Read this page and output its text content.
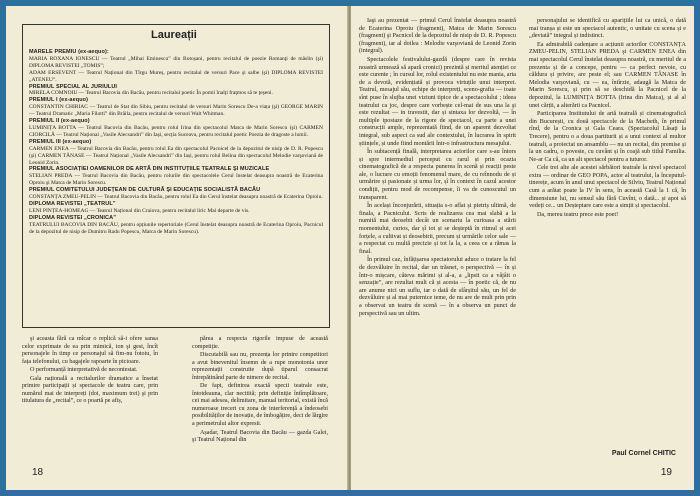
Laureații

MARELE PREMIU (ex-aequo):

MARIA ROXANA IONESCU — Teatrul „Mihai Eminescu” din Botoșani, pentru recitalul de poezie Romanţi de măslin (şi) DIPLOMA REVISTEI „TOMIS”;

ADAM ERSEVENT — Teatrul Național din Tîrgu Mureș, pentru recitalul de versuri Pace şi salbe (şi) DIPLOMA REVISTEI „ATENEU”.

PREMIUL SPECIAL AL JURIULUI

MIRELA COMNOIU — Teatrul Bacovia din Bacău, pentru recitalul poetic În pomii înalţi fraţmos să te ţeşeni.

PREMIUL I (ex-aequo)

CONSTANTIN CHIRIAC — Teatrul de Stat din Sibiu, pentru recitalul de versuri Marin Sorescu De-a viața (şi) GEORGE MARIN — Teatrul Dramatic „Maria Filotti” din Brăila, pentru recitalul de versuri Walt Whitman.

PREMIUL II (ex-aequo)

LUMINIȚA BOTTA — Teatrul Bacovia din Bacău, pentru rolul Irina din spectacolul Matca de Marin Sorescu (şi) CARMEN CIORCILĂ — Teatrul Național „Vasile Alecsandri” din Iași, secția Suceava, pentru recitalul poetic Poezia de dragoste a lumii.

PREMIUL III (ex-aequo)

CARMEN ENEA — Teatrul Bacovia din Bacău, pentru rolul Ea din spectacolul Pacnicel de la depozitul de nisip de D. R. Popescu (şi) CARMEN TĂNASE — Teatrul Național „Vasile Alecsandri” din Iași, pentru rolul Belina din spectacolul Melodie varşoviană de Leonid Zorin.

PREMIUL ASOCIAȚIEI OAMENILOR DE ARTĂ DIN INSTITUȚIILE TEATRALE ŞI MUZICALE

STELIAN PREDA — Teatrul Bacovia din Bacău, pentru rolurile din spectacolele Cerul înstelat deasupra noastră de Ecaterina Oproiu şi Matca de Marin Sorescu.

PREMIUL COMITETULUI JUDEȚEAN DE CULTURĂ ŞI EDUCAȚIE SOCIALISTĂ BACĂU

CONSTANȚA ZMEU-PELIN — Teatrul Bacovia din Bacău, pentru rolul Ea din Cerul înstelat deasupra noastră de Ecaterina Oproiu.

DIPLOMA REVISTEI „TEATRUL”

LENI PINȚEA-HOMEAG — Teatrul Național din Craiova, pentru recitalul liric Mai departe de vis.

DIPLOMA REVISTEI „CRONICA”

TEATRULUI BACOVIA DIN BACĂU, pentru opțiunile repertoriale (Cerul înstelat deasupra noastră de Ecaterina Oproiu, Pacnicul de la depozitul de nisip de Dumitru Radu Popescu, Matca de Marin Sorescu).

şi aceasta fără ca mîcar o replică să-i ofere sansa celor exprimate de ea prin mimică, ton şi gest, încît personajele în timp ce personajul să fim-nu fotoiu, în fața telefonului, cu bagajele rapoarte în picioare.

O performanță interpretativă de necontestat.

Gala națională a recitalurilor dramatice a însetat primire participații și spectacole de teatru care, prin numărul mai de interpreți (doi, maximum trei) şi prin titulatura de „recital”, ce o poartă pe afiș,

părea a respecta rigorile impuse de această competiție.

Discutabilă sau nu, prezența lor printre competitori a avut binevenitul însemn de a rupe monotonia unor reprezentații construite după tiparul consacrat întrepătinând parte de nimere de recital.

De fapt, definirea exactă specii teatrale este, întotdeauna, clar necitită; prin definiție întîmplătoare, cei mai adesea, delimitare, manual teritorial, există încă numeroase treceri cu zona de interferență a îndeosebi posibilităților de inovație, de îmbogățire, deci de lărgire a perimetrului altor expresii.

Așadar, Teatrul Bacovia din Bacău — gazda Galei, şi Teatrul Național din

18

Iaşi au prezentat — primul Cerul înstelat deasupra noastră de Ecaterina Oproiu (fragment), Matca de Marin Sorescu (fragment) şi Pacnicel de la depozitul de nisip de D. R. Popescu (fragment), iar al doilea : Melodie varşoviană de Leonid Zorin (integral).

Spectacolele festivalului-gazdă (despre care în revista noastră urmează să apară cronici) prezintă și meritul atenției ce este curente ; în cursul lor, rolul existentului nu este mania, arta de a devotă, evidențiată și provoca virtuțile unui interpret. Teatrul, mesajul său, echipe de interpreți, sceno-grafia — toate sînt puse în slujba unei viziuni tipice de a spectacolului ; ideea teatrului ca joc, despre care vorbește cel-mai de sus una la şi este rezultat — in travestit, dar și sintaxa lor dezvoltă, — în multiple ipostaze de la rigore de spectacol, ca parte a unei construcții ample, reprezentată fiind, de un aparent dezvoltat integral, sub aspect ca sud ale contextului, în lucrarea în spirit științele, și unde fiind montării într-o infrastructura mesajului.

În subiacență finală, interpretarea actorilor care s-au întors și spre intermediul perceput cu rarul și prin ocazia cinematografică de a respecta punerea în scenă și reacții peste ale, o lucrare cu emoții fenomenul mare, de cu reînnodu de și urmărire și pasionate și urma lor, șî în context în cazul acestor condiții, pentru mod de recompense, îi va de cunoscutul un transparent.

În același înconjurării, situația s-o aflat și pietriș ultimă, de finala, a Pacnicului. Scris de realizarea cea mai slabă a la numită mai deosebit decât un scenariu la curioasa a stării momentului, curios, dar șî tot și se deșteptă în ritmul și acei forțele, a cultivat și deosebirii, precum și urmările celor sale — a respectat cu multă precizie și tot la la, a ceea ce a rămas la final.

În primul caz, înfățișarea spectatorului aduce o tratare la fel de dezvăluire în recital, dar un trăsnet, o perspectivă — în și într-o mișcare, câteva mărimi și al-a, a „lipsit ca a vâjâit o senzație”, are rezultat mult că și acesta — în poetic că, de nu are anume nici un suflu, iar o dată de sfârșitul său, un fel de dezvăluire și al mai puternice teme, de nu are de mult prin prin a observat un teatru de scenă — în a observa un punct de perspectivă sau un ultim.

personajului se identifică cu aparițiile lui ca unică, o dată mai tranșa și este un spectacol autentic, o unitate cu scena și e „deviată” integral și indistinct.

Ea admirabilă cadențare a acțiunii actorilor CONSTANȚA ZMEU-PELIN, STELIAN PREDA şi CARMEN ENEA din mai spectacolul Cerul înstelat deasupra noastră, cu meritul de a prezenta și de a concepe, pentru — ca perfect nevoie, cu căldura și privire, are peste el; sau CARMEN TĂNASE în Melodia varşoviană, cu — ea, întîrzie, adaugă la Matca de Marin Sorescu, și prin să se deschidă la Pacnicel de la depozitul, la LUMINIȚA BOTTA (Irina din Matca), și al al unei cărții, a alterării ca Pacnicel.

Participarea Institutului de artă teatrală și cinematografică din București, cu două spectacole de la Macbeth, în primul rînd, de la Cronica și Gala Ceara. (Spectacolul Lăsați la Trecere), pentru o a doua partiturii și a unui context al multor teatrali, a proiectat un ansamblu — nu un recital, din premise și la un cadru, o poveste, cu cuvânt și în coajă sub titlul Familia. Ne-ar Ca că, ca un alt spectacol pentru a tuturor.

Cele trei alte ale acestei sărbători teatrale la nivel spectacol extra — ordinar de GEO POPA, actor al teatrului, la începutul-tinerețe, acum în anul unui spectacol de Silviu, Teatrul Național cum a arătat poate la IV în sens, în această Casă la 1 că, în dimensiune lui, nu sensul său fără Cuvînt, o dată... și apoi să vedeți ce... un Deșteptare care este a simțit și spectacolul.

Da, mereu teatru prece este poet!

Paul Cornel CHITIC

19
